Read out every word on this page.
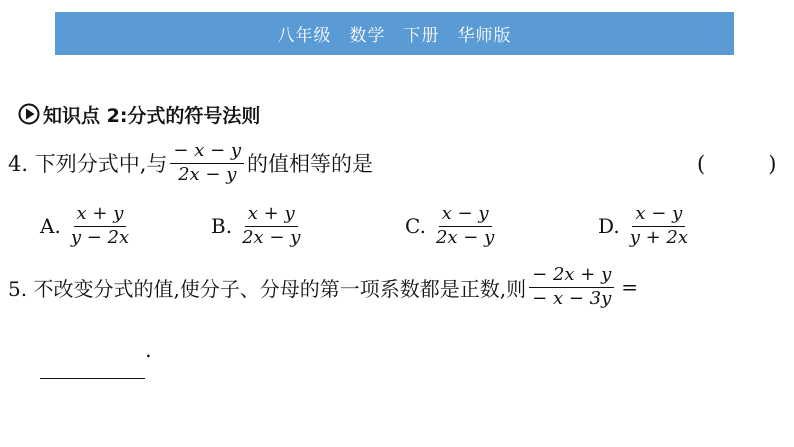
八年级　数学　下册　华师版
知识点 2:分式的符号法则
4. 下列分式中,与 $\frac{- x - y}{2x - y}$ 的值相等的是	(　　　)
A. $\frac{x + y}{y - 2x}$	B. $\frac{x + y}{2x - y}$	C. $\frac{x - y}{2x - y}$	D. $\frac{x - y}{y + 2x}$
5. 不改变分式的值,使分子、分母的第一项系数都是正数,则 $\frac{- 2x + y}{- x - 3y}$ =
.
